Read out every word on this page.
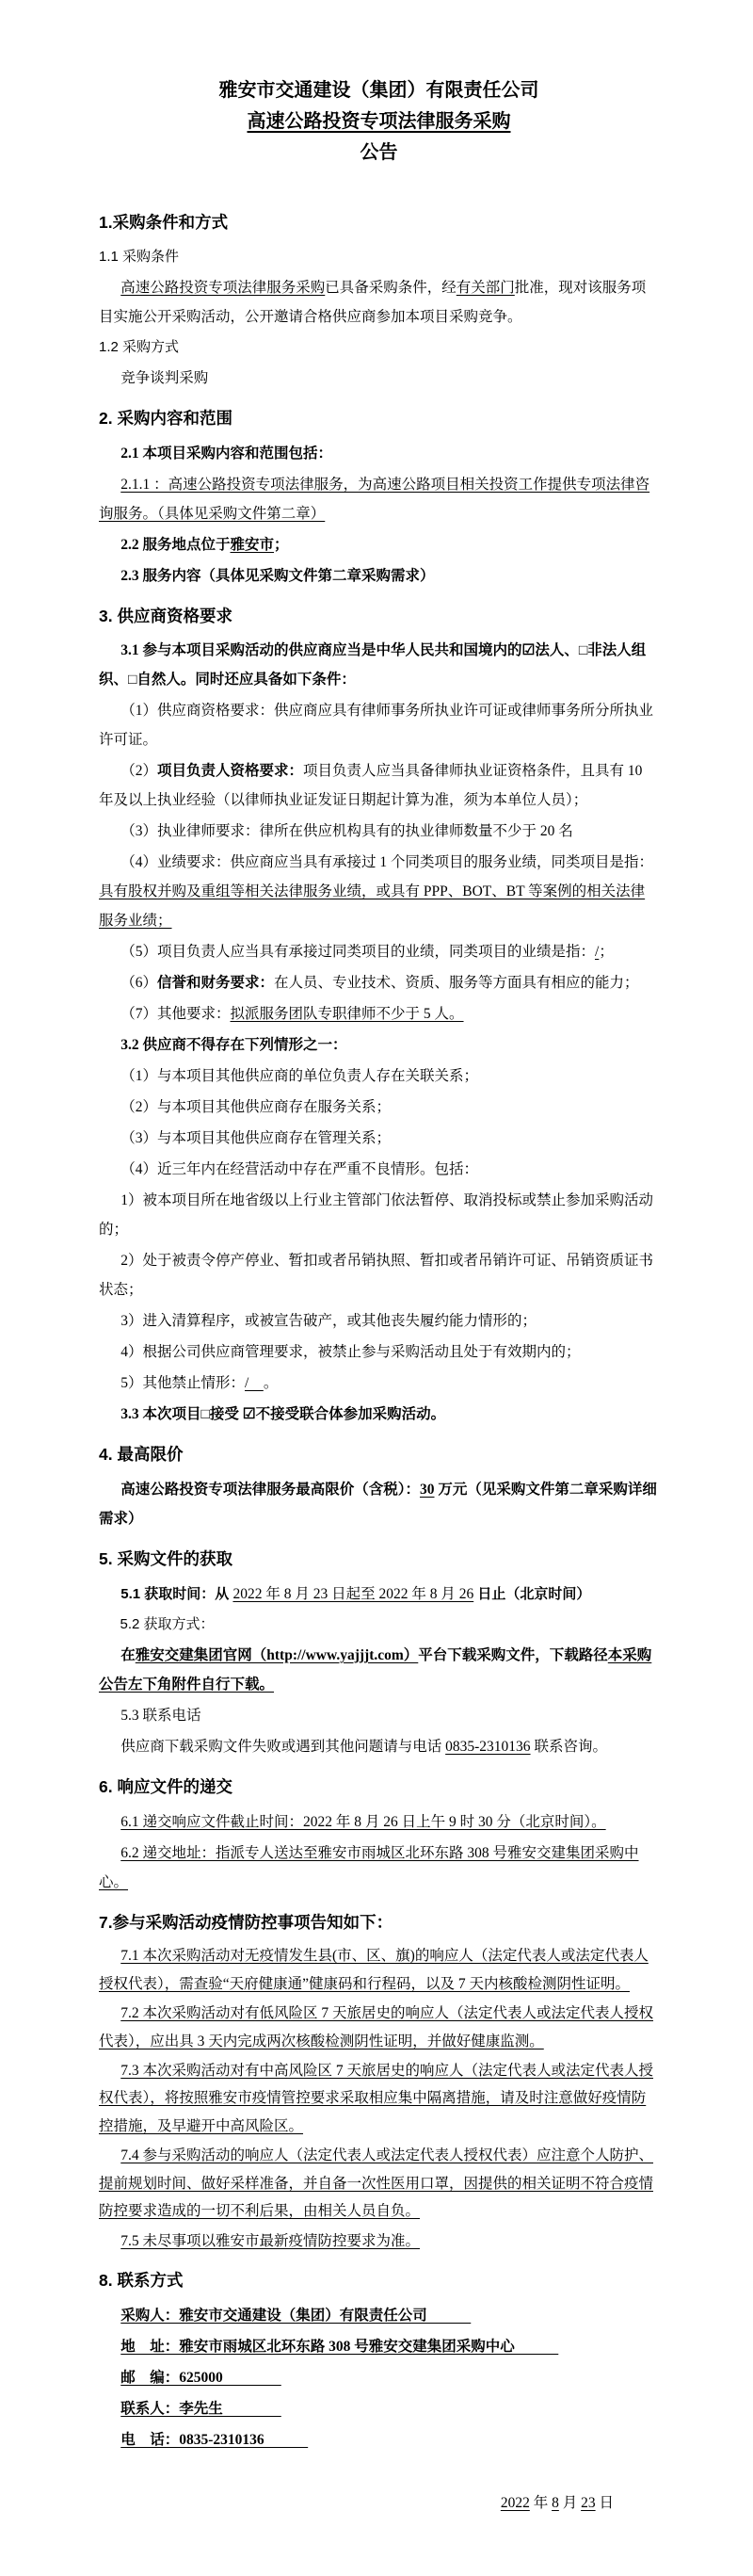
雅安市交通建设（集团）有限责任公司
高速公路投资专项法律服务采购
公告
1.采购条件和方式

1.1 采购条件

高速公路投资专项法律服务采购已具备采购条件，经有关部门批准，现对该服务项目实施公开采购活动，公开邀请合格供应商参加本项目采购竞争。

1.2 采购方式

竞争谈判采购

2. 采购内容和范围

2.1 本项目采购内容和范围包括：

2.1.1 ：高速公路投资专项法律服务，为高速公路项目相关投资工作提供专项法律咨询服务。（具体见采购文件第二章）

2.2 服务地点位于雅安市；

2.3 服务内容（具体见采购文件第二章采购需求）

3. 供应商资格要求

3.1 参与本项目采购活动的供应商应当是中华人民共和国境内的☑法人、□非法人组织、□自然人。同时还应具备如下条件：

（1）供应商资格要求：供应商应具有律师事务所执业许可证或律师事务所分所执业许可证。

（2）项目负责人资格要求：项目负责人应当具备律师执业证资格条件，且具有 10 年及以上执业经验（以律师执业证发证日期起计算为准，须为本单位人员）；

（3）执业律师要求：律所在供应机构具有的执业律师数量不少于 20 名

（4）业绩要求：供应商应当具有承接过 1 个同类项目的服务业绩，同类项目是指：具有股权并购及重组等相关法律服务业绩，或具有 PPP、BOT、BT 等案例的相关法律服务业绩；

（5）项目负责人应当具有承接过同类项目的业绩，同类项目的业绩是指：/；

（6）信誉和财务要求：在人员、专业技术、资质、服务等方面具有相应的能力；

（7）其他要求：拟派服务团队专职律师不少于 5 人。

3.2 供应商不得存在下列情形之一：

（1）与本项目其他供应商的单位负责人存在关联关系；

（2）与本项目其他供应商存在服务关系；

（3）与本项目其他供应商存在管理关系；

（4）近三年内在经营活动中存在严重不良情形。包括：

1）被本项目所在地省级以上行业主管部门依法暂停、取消投标或禁止参加采购活动的；

2）处于被责令停产停业、暂扣或者吊销执照、暂扣或者吊销许可证、吊销资质证书状态；

3）进入清算程序，或被宣告破产，或其他丧失履约能力情形的；

4）根据公司供应商管理要求，被禁止参与采购活动且处于有效期内的；

5）其他禁止情形：/　。

3.3 本次项目□接受 ☑不接受联合体参加采购活动。

4. 最高限价

高速公路投资专项法律服务最高限价（含税）：30 万元（见采购文件第二章采购详细需求）

5. 采购文件的获取

5.1 获取时间：从 2022 年 8 月 23 日起至 2022 年 8 月 26 日止（北京时间）

5.2 获取方式：

在雅安交建集团官网（http://www.yajjjt.com）平台下载采购文件，下载路径本采购公告左下角附件自行下载。

5.3 联系电话

供应商下载采购文件失败或遇到其他问题请与电话 0835-2310136 联系咨询。

6. 响应文件的递交

6.1 递交响应文件截止时间：2022 年 8 月 26 日上午 9 时 30 分（北京时间）。

6.2 递交地址：指派专人送达至雅安市雨城区北环东路 308 号雅安交建集团采购中心。

7.参与采购活动疫情防控事项告知如下：

7.1 本次采购活动对无疫情发生县(市、区、旗)的响应人（法定代表人或法定代表人授权代表），需查验“天府健康通”健康码和行程码，以及 7 天内核酸检测阴性证明。

7.2 本次采购活动对有低风险区 7 天旅居史的响应人（法定代表人或法定代表人授权代表），应出具 3 天内完成两次核酸检测阴性证明，并做好健康监测。

7.3 本次采购活动对有中高风险区 7 天旅居史的响应人（法定代表人或法定代表人授权代表），将按照雅安市疫情管控要求采取相应集中隔离措施，请及时注意做好疫情防控措施，及早避开中高风险区。

7.4 参与采购活动的响应人（法定代表人或法定代表人授权代表）应注意个人防护、提前规划时间、做好采样准备，并自备一次性医用口罩，因提供的相关证明不符合疫情防控要求造成的一切不利后果，由相关人员自负。

7.5 未尽事项以雅安市最新疫情防控要求为准。

8. 联系方式

采购人：雅安市交通建设（集团）有限责任公司　　　

地　址：雅安市雨城区北环东路 308 号雅安交建集团采购中心　　　

邮　编：625000　　　　

联系人：李先生　　　　

电　话：0835-2310136　　　

2022 年 8 月 23 日
